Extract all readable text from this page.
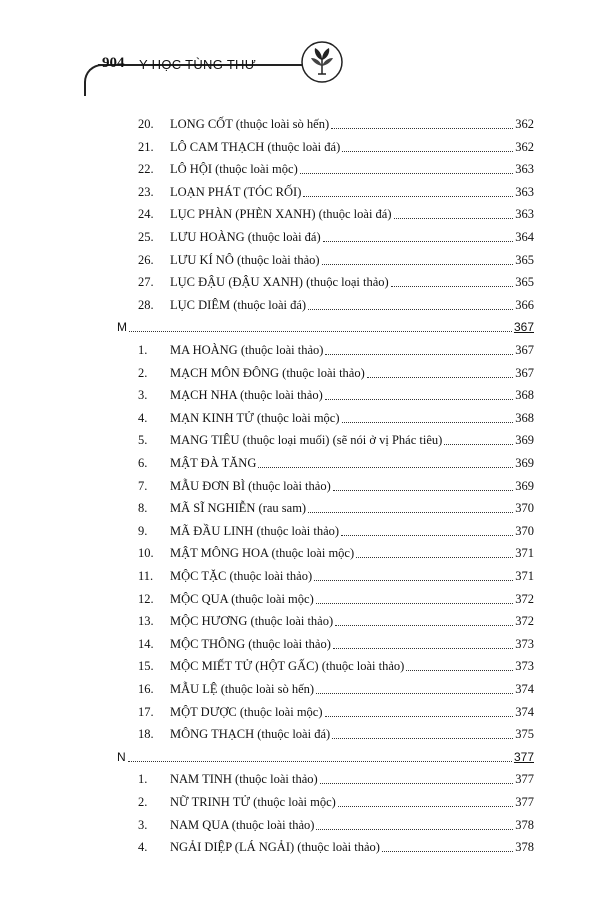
904 Y HỌC TÙNG THƯ
20.	LONG CỐT (thuộc loài sò hến)	362
21.	LÔ CAM THẠCH (thuộc loài đá)	362
22.	LÔ HỘI (thuộc loài mộc)	363
23.	LOẠN PHÁT (TÓC RỐI)	363
24.	LỤC PHÀN (PHÈN XANH) (thuộc loài đá)	363
25.	LƯU HOÀNG (thuộc loài đá)	364
26.	LƯU KÍ NÔ (thuộc loài thảo)	365
27.	LỤC ĐẬU (ĐẬU XANH) (thuộc loại thảo)	365
28.	LỤC DIÊM (thuộc loài đá)	366
M	367
1.	MA HOÀNG (thuộc loài thảo)	367
2.	MẠCH MÔN ĐÔNG (thuộc loài thảo)	367
3.	MẠCH NHA (thuộc loài thảo)	368
4.	MẠN KINH TỬ (thuộc loài mộc)	368
5.	MANG TIÊU (thuộc loại muối) (sẽ nói ở vị Phác tiêu)	369
6.	MẬT ĐÀ TĂNG	369
7.	MẪU ĐƠN BÌ (thuộc loài thảo)	369
8.	MÃ SĨ NGHIỄN (rau sam)	370
9.	MÃ ĐẦU LINH (thuộc loài thảo)	370
10.	MẬT MÔNG HOA (thuộc loài mộc)	371
11.	MỘC TẶC (thuộc loài thảo)	371
12.	MỘC QUA (thuộc loài mộc)	372
13.	MỘC HƯƠNG (thuộc loài thảo)	372
14.	MỘC THÔNG (thuộc loài thảo)	373
15.	MỘC MIẾT TỬ (HỘT GẤC) (thuộc loài thảo)	373
16.	MẪU LỆ (thuộc loài sò hến)	374
17.	MỘT DƯỢC (thuộc loài mộc)	374
18.	MÔNG THẠCH (thuộc loài đá)	375
N	377
1.	NAM TINH (thuộc loài thảo)	377
2.	NỮ TRINH TỬ (thuộc loài mộc)	377
3.	NAM QUA (thuộc loài thảo)	378
4.	NGẢI DIỆP (LÁ NGẢI) (thuộc loài thảo)	378
